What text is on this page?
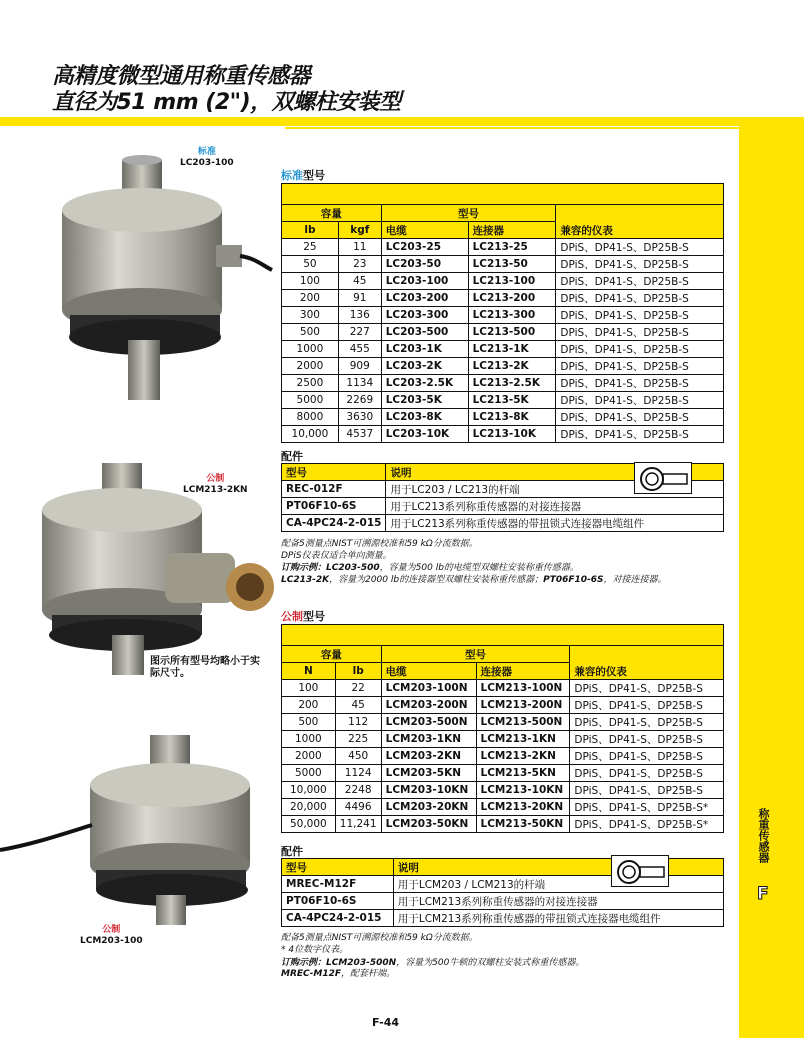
高精度微型通用称重传感器
直径为51 mm (2")，双螺柱安装型
称重传感器
F
标准
LC203-100
公制
LCM213-2KN
公制
LCM203-100
图示所有型号均略小于实际尺寸。
标准型号

容量		型号		兼容的仪表
lb	kgf	电缆	连接器	
25	11	LC203-25	LC213-25	DPiS、DP41-S、DP25B-S
50	23	LC203-50	LC213-50	DPiS、DP41-S、DP25B-S
100	45	LC203-100	LC213-100	DPiS、DP41-S、DP25B-S
200	91	LC203-200	LC213-200	DPiS、DP41-S、DP25B-S
300	136	LC203-300	LC213-300	DPiS、DP41-S、DP25B-S
500	227	LC203-500	LC213-500	DPiS、DP41-S、DP25B-S
1000	455	LC203-1K	LC213-1K	DPiS、DP41-S、DP25B-S
2000	909	LC203-2K	LC213-2K	DPiS、DP41-S、DP25B-S
2500	1134	LC203-2.5K	LC213-2.5K	DPiS、DP41-S、DP25B-S
5000	2269	LC203-5K	LC213-5K	DPiS、DP41-S、DP25B-S
8000	3630	LC203-8K	LC213-8K	DPiS、DP41-S、DP25B-S
10,000	4537	LC203-10K	LC213-10K	DPiS、DP41-S、DP25B-S
配件
型号	说明
REC-012F	用于LC203 / LC213的杆端
PT06F10-6S	用于LC213系列称重传感器的对接连接器
CA-4PC24-2-015	用于LC213系列称重传感器的带扭锁式连接器电缆组件
配备5测量点NIST可溯源校准和59 kΩ分流数据。
DPiS仪表仅适合单向测量。
订购示例：LC203-500，容量为500 lb的电缆型双螺柱安装称重传感器。
LC213-2K，容量为2000 lb的连接器型双螺柱安装称重传感器；PT06F10-6S，对接连接器。
公制型号

容量		型号		兼容的仪表
N	lb	电缆	连接器	
100	22	LCM203-100N	LCM213-100N	DPiS、DP41-S、DP25B-S
200	45	LCM203-200N	LCM213-200N	DPiS、DP41-S、DP25B-S
500	112	LCM203-500N	LCM213-500N	DPiS、DP41-S、DP25B-S
1000	225	LCM203-1KN	LCM213-1KN	DPiS、DP41-S、DP25B-S
2000	450	LCM203-2KN	LCM213-2KN	DPiS、DP41-S、DP25B-S
5000	1124	LCM203-5KN	LCM213-5KN	DPiS、DP41-S、DP25B-S
10,000	2248	LCM203-10KN	LCM213-10KN	DPiS、DP41-S、DP25B-S
20,000	4496	LCM203-20KN	LCM213-20KN	DPiS、DP41-S、DP25B-S*
50,000	11,241	LCM203-50KN	LCM213-50KN	DPiS、DP41-S、DP25B-S*
配件
型号	说明
MREC-M12F	用于LCM203 / LCM213的杆端
PT06F10-6S	用于LCM213系列称重传感器的对接连接器
CA-4PC24-2-015	用于LCM213系列称重传感器的带扭锁式连接器电缆组件
配备5测量点NIST可溯源校准和59 kΩ分流数据。
* 4位数字仪表。
订购示例：LCM203-500N，容量为500牛顿的双螺柱安装式称重传感器。
MREC-M12F，配套杆端。
F-44
